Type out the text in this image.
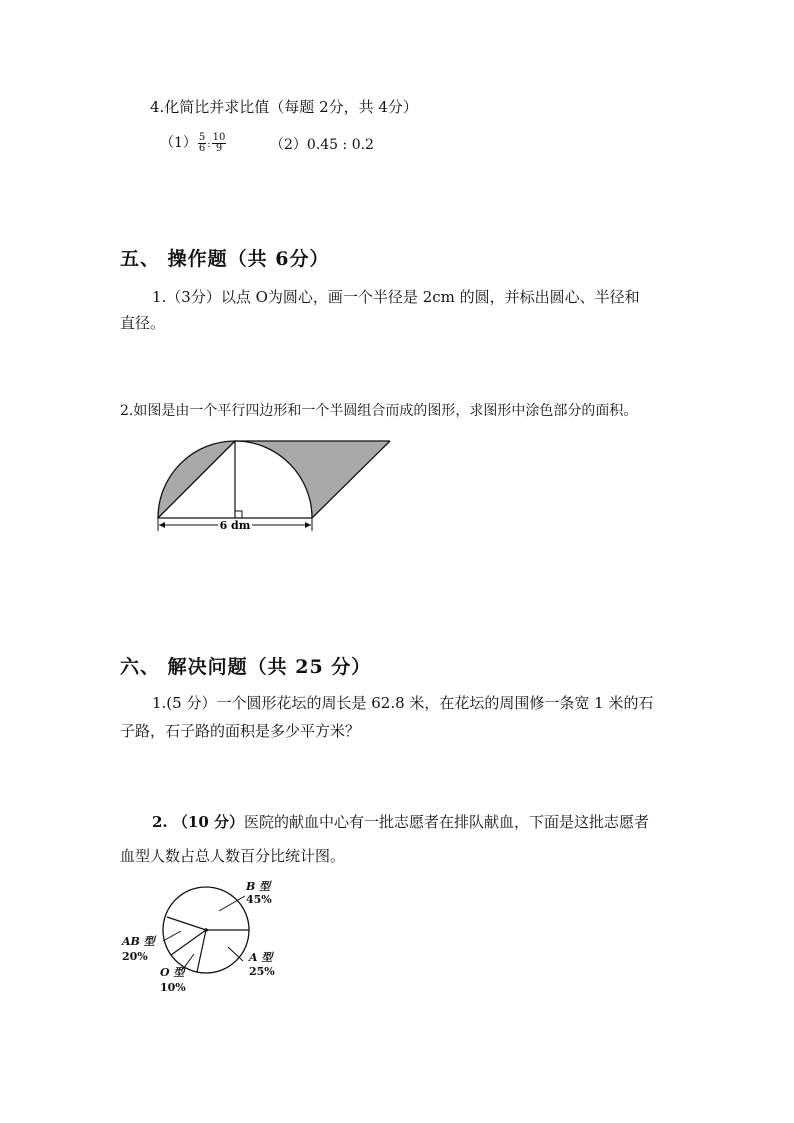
4.化简比并求比值（每题 2分，共 4分）
$(1) \frac{5}{6}$ : $\frac{10}{9}$	（2）0.45 : 0.2
五、 操作题（共 6分）
1.（3分）以点 O为圆心，画一个半径是 2cm 的圆，并标出圆心、半径和
直径。
2.如图是由一个平行四边形和一个半圆组合而成的图形，求图形中涂色部分的面积。
6 dm
六、 解决问题（共 25 分）
1.(5 分）一个圆形花坛的周长是 62.8 米，在花坛的周围修一条宽 1 米的石
子路，石子路的面积是多少平方米？
2. （10 分）医院的献血中心有一批志愿者在排队献血，下面是这批志愿者
血型人数占总人数百分比统计图。
B 型
45%
A 型
25%
AB 型
20%
O 型
10%
